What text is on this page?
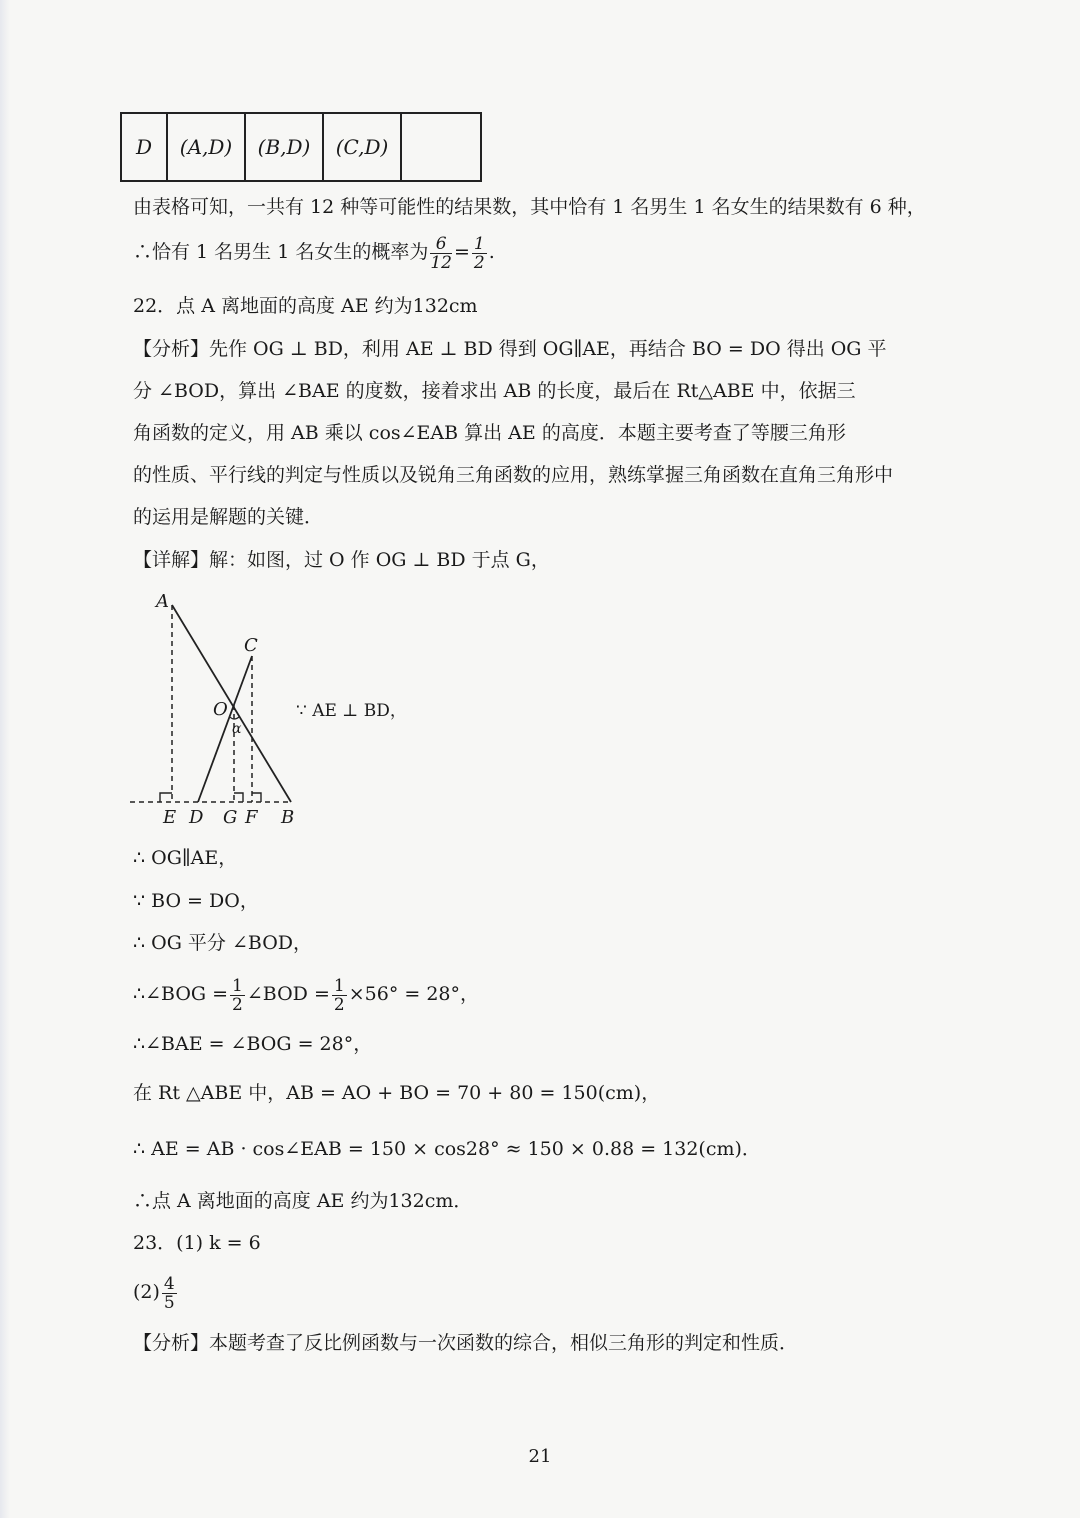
D	(A,D)	(B,D)	(C,D)	
由表格可知，一共有 12 种等可能性的结果数，其中恰有 1 名男生 1 名女生的结果数有 6 种，
∴恰有 1 名男生 1 名女生的概率为 $\frac{6}{12} = \frac{1}{2}$ .
22．点 A 离地面的高度 AE 约为132cm
【分析】先作 OG ⊥ BD，利用 AE ⊥ BD 得到 OG∥AE，再结合 BO = DO 得出 OG 平
分 ∠BOD，算出 ∠BAE 的度数，接着求出 AB 的长度，最后在 Rt△ABE 中，依据三
角函数的定义，用 AB 乘以 cos∠EAB 算出 AE 的高度．本题主要考查了等腰三角形
的性质、平行线的判定与性质以及锐角三角函数的应用，熟练掌握三角函数在直角三角形中
的运用是解题的关键．
【详解】解：如图，过 O 作 OG ⊥ BD 于点 G，
A
C
O
α
E D G F B
∵ AE ⊥ BD，
∴ OG∥AE，
∵ BO = DO，
∴ OG 平分 ∠BOD，
∴∠BOG = $\frac{1}{2}$ ∠BOD = $\frac{1}{2} \times 56^\circ = 28^\circ$，
∴∠BAE = ∠BOG = 28°，
在 Rt △ABE 中，AB = AO + BO = 70 + 80 = 150(cm)，
∴ AE = AB · cos∠EAB = 150 × cos28° ≈ 150 × 0.88 = 132(cm)．
∴点 A 离地面的高度 AE 约为132cm．
23．(1) k = 6
$(2) \frac{4}{5}$
【分析】本题考查了反比例函数与一次函数的综合，相似三角形的判定和性质．
21
